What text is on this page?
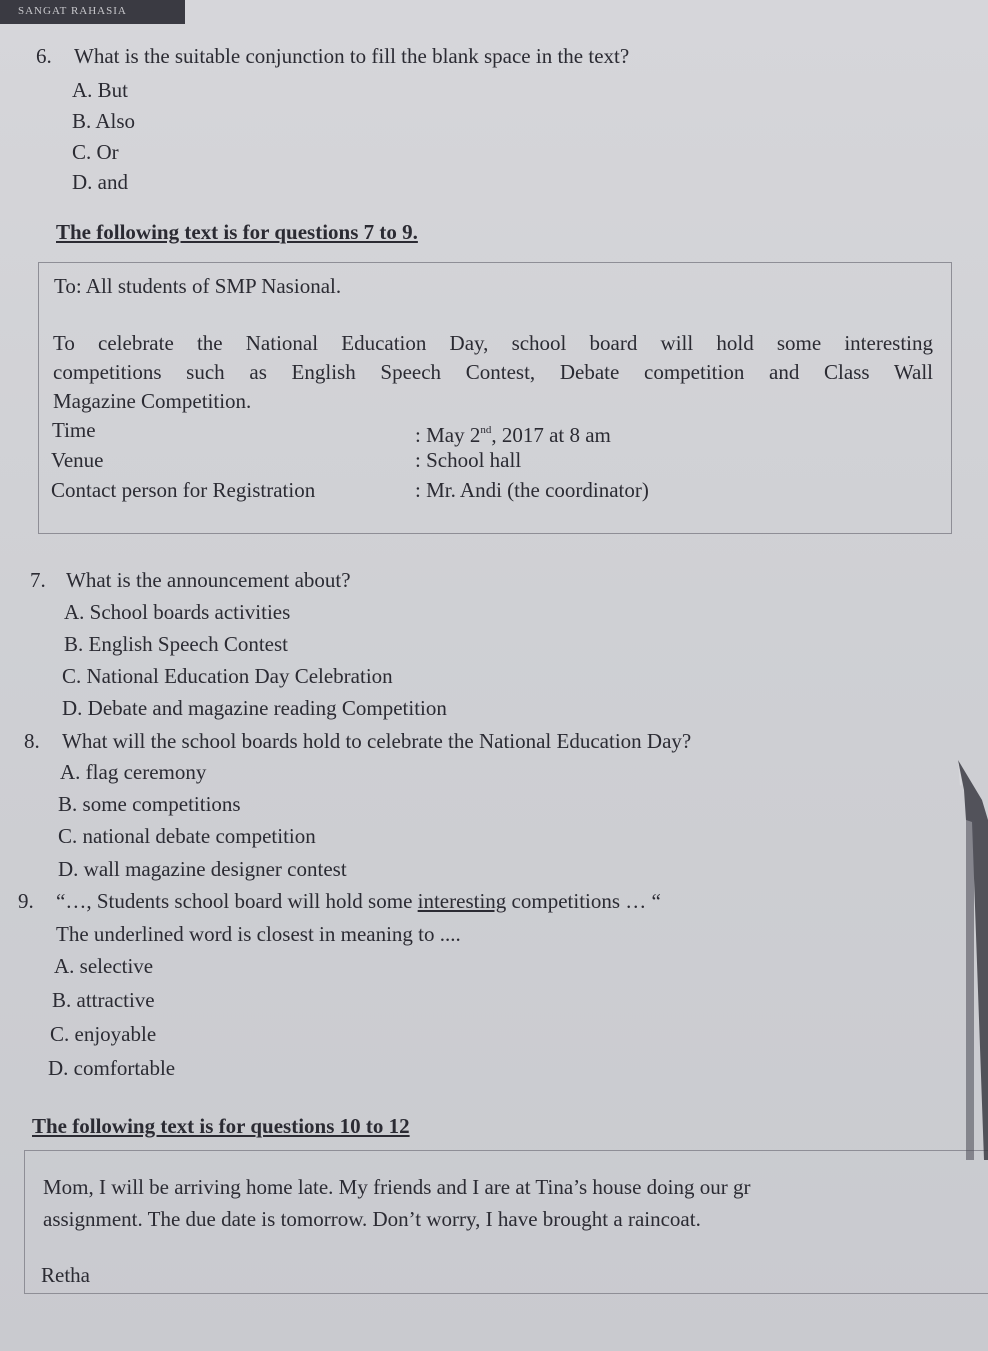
SANGAT RAHASIA
6. What is the suitable conjunction to fill the blank space in the text?
A. But
B. Also
C. Or
D. and
The following text is for questions 7 to 9.
To: All students of SMP Nasional.
To celebrate the National Education Day, school board will hold some interesting
competitions such as English Speech Contest, Debate competition and Class Wall
Magazine Competition.
Time	: May 2nd, 2017 at 8 am
Venue	: School hall
Contact person for Registration	: Mr. Andi (the coordinator)
7. What is the announcement about?
A. School boards activities
B. English Speech Contest
C. National Education Day Celebration
D. Debate and magazine reading Competition
8. What will the school boards hold to celebrate the National Education Day?
A. flag ceremony
B. some competitions
C. national debate competition
D. wall magazine designer contest
9. “…, Students school board will hold some interesting competitions … “
The underlined word is closest in meaning to ....
A. selective
B. attractive
C. enjoyable
D. comfortable
The following text is for questions 10 to 12
Mom, I will be arriving home late. My friends and I are at Tina’s house doing our gr
assignment. The due date is tomorrow. Don’t worry, I have brought a raincoat.
Retha
